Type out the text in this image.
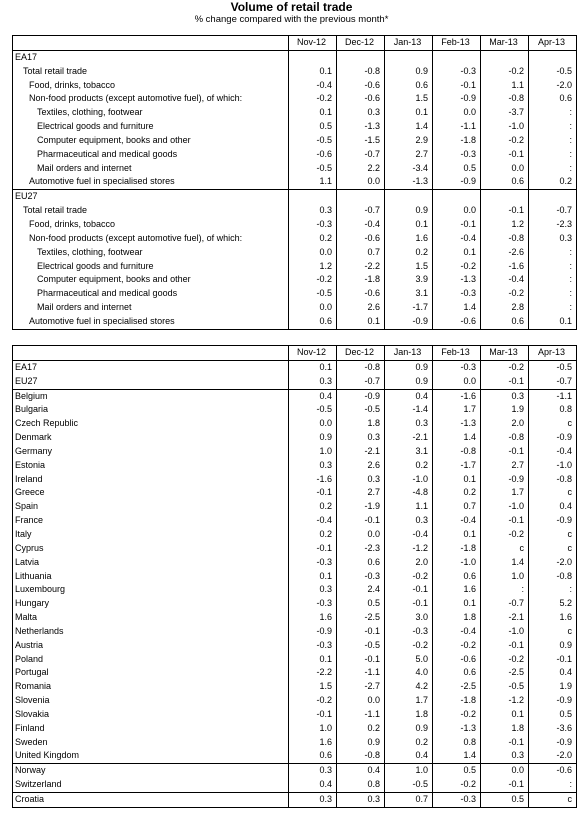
Volume of retail trade
% change compared with the previous month*
	Nov-12	Dec-12	Jan-13	Feb-13	Mar-13	Apr-13
EA17						
Total retail trade	0.1	-0.8	0.9	-0.3	-0.2	-0.5
Food, drinks, tobacco	-0.4	-0.6	0.6	-0.1	1.1	-2.0
Non-food products (except automotive fuel), of which:	-0.2	-0.6	1.5	-0.9	-0.8	0.6
Textiles, clothing, footwear	0.1	0.3	0.1	0.0	-3.7	:
Electrical goods and furniture	0.5	-1.3	1.4	-1.1	-1.0	:
Computer equipment, books and other	-0.5	-1.5	2.9	-1.8	-0.2	:
Pharmaceutical and medical goods	-0.6	-0.7	2.7	-0.3	-0.1	:
Mail orders and internet	-0.5	2.2	-3.4	0.5	0.0	:
Automotive fuel in specialised stores	1.1	0.0	-1.3	-0.9	0.6	0.2
EU27						
Total retail trade	0.3	-0.7	0.9	0.0	-0.1	-0.7
Food, drinks, tobacco	-0.3	-0.4	0.1	-0.1	1.2	-2.3
Non-food products (except automotive fuel), of which:	0.2	-0.6	1.6	-0.4	-0.8	0.3
Textiles, clothing, footwear	0.0	0.7	0.2	0.1	-2.6	:
Electrical goods and furniture	1.2	-2.2	1.5	-0.2	-1.6	:
Computer equipment, books and other	-0.2	-1.8	3.9	-1.3	-0.4	:
Pharmaceutical and medical goods	-0.5	-0.6	3.1	-0.3	-0.2	:
Mail orders and internet	0.0	2.6	-1.7	1.4	2.8	:
Automotive fuel in specialised stores	0.6	0.1	-0.9	-0.6	0.6	0.1
	Nov-12	Dec-12	Jan-13	Feb-13	Mar-13	Apr-13
EA17	0.1	-0.8	0.9	-0.3	-0.2	-0.5
EU27	0.3	-0.7	0.9	0.0	-0.1	-0.7
Belgium	0.4	-0.9	0.4	-1.6	0.3	-1.1
Bulgaria	-0.5	-0.5	-1.4	1.7	1.9	0.8
Czech Republic	0.0	1.8	0.3	-1.3	2.0	c
Denmark	0.9	0.3	-2.1	1.4	-0.8	-0.9
Germany	1.0	-2.1	3.1	-0.8	-0.1	-0.4
Estonia	0.3	2.6	0.2	-1.7	2.7	-1.0
Ireland	-1.6	0.3	-1.0	0.1	-0.9	-0.8
Greece	-0.1	2.7	-4.8	0.2	1.7	c
Spain	0.2	-1.9	1.1	0.7	-1.0	0.4
France	-0.4	-0.1	0.3	-0.4	-0.1	-0.9
Italy	0.2	0.0	-0.4	0.1	-0.2	c
Cyprus	-0.1	-2.3	-1.2	-1.8	c	c
Latvia	-0.3	0.6	2.0	-1.0	1.4	-2.0
Lithuania	0.1	-0.3	-0.2	0.6	1.0	-0.8
Luxembourg	0.3	2.4	-0.1	1.6	:	:
Hungary	-0.3	0.5	-0.1	0.1	-0.7	5.2
Malta	1.6	-2.5	3.0	1.8	-2.1	1.6
Netherlands	-0.9	-0.1	-0.3	-0.4	-1.0	c
Austria	-0.3	-0.5	-0.2	-0.2	-0.1	0.9
Poland	0.1	-0.1	5.0	-0.6	-0.2	-0.1
Portugal	-2.2	-1.1	4.0	0.6	-2.5	0.4
Romania	1.5	-2.7	4.2	-2.5	-0.5	1.9
Slovenia	-0.2	0.0	1.7	-1.8	-1.2	-0.9
Slovakia	-0.1	-1.1	1.8	-0.2	0.1	0.5
Finland	1.0	0.2	0.9	-1.3	1.8	-3.6
Sweden	1.6	0.9	0.2	0.8	-0.1	-0.9
United Kingdom	0.6	-0.8	0.4	1.4	0.3	-2.0
Norway	0.3	0.4	1.0	0.5	0.0	-0.6
Switzerland	0.4	0.8	-0.5	-0.2	-0.1	:
Croatia	0.3	0.3	0.7	-0.3	0.5	c
